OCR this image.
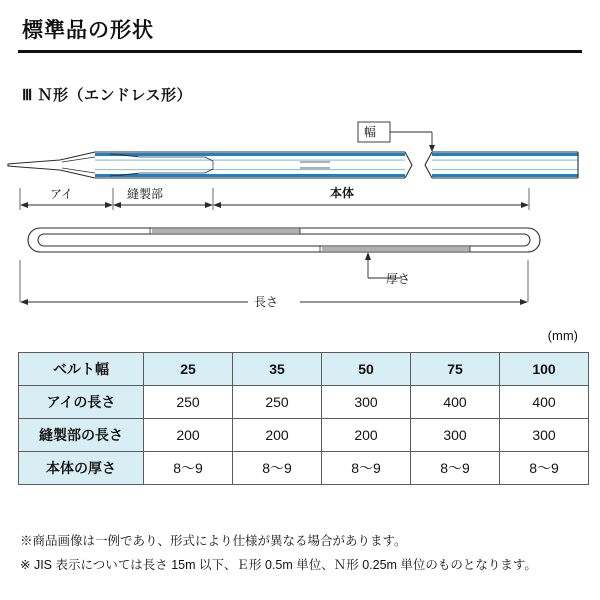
標準品の形状
Ⅲ Ｎ形（エンドレス形）
幅
アイ	縫製部	本体
厚さ
長さ
(mm)
ベルト幅	25	35	50	75	100
アイの長さ	250	250	300	400	400
縫製部の長さ	200	200	200	300	300
本体の厚さ	8～9	8～9	8～9	8～9	8～9
※商品画像は一例であり、形式により仕様が異なる場合があります。
※ JIS 表示については長さ 15m 以下、Ｅ形 0.5m 単位、Ｎ形 0.25m 単位のものとなります。
